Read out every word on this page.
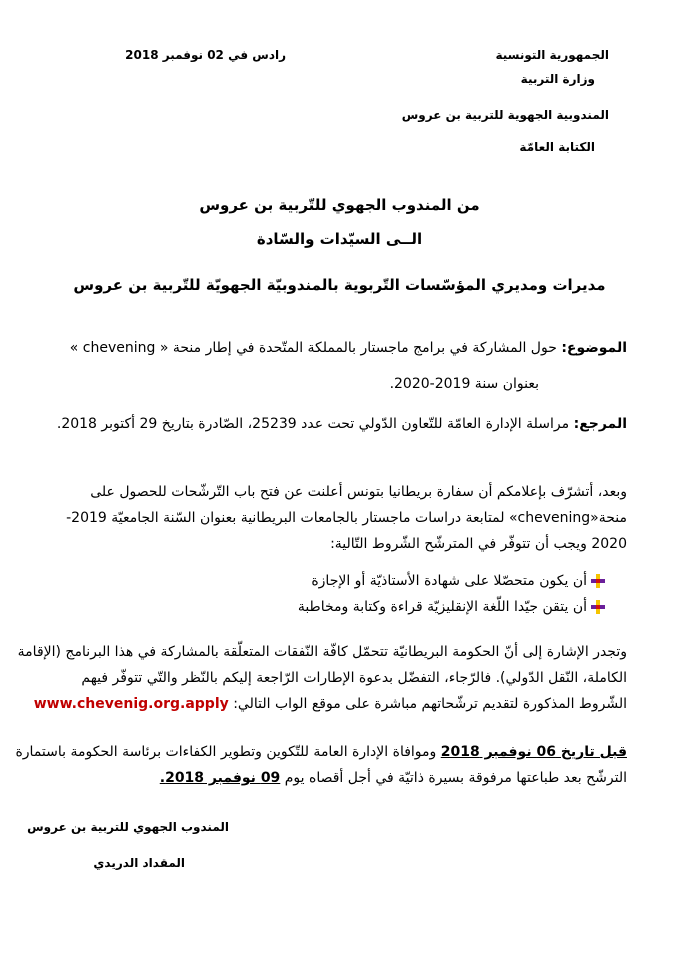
الجمهورية التونسية
وزارة التربية
المندوبية الجهوية للتربية بن عروس
الكتابة العامّة
رادس في 02 نوفمبر 2018
من المندوب الجهوي للتّربية بن عروس
الــى السيّدات والسّادة
مديرات ومديري المؤسّسات التّربوية بالمندوبيّة الجهويّة للتّربية بن عروس
الموضوع: حول المشاركة في برامج ماجستار بالمملكة المتّحدة في إطار منحة « chevening »
بعنوان سنة 2019-2020.
المرجع: مراسلة الإدارة العامّة للتّعاون الدّولي تحت عدد 25239، الصّادرة بتاريخ 29 أكتوبر 2018.
وبعد، أتشرّف بإعلامكم أن سفارة بريطانيا بتونس أعلنت عن فتح باب التّرشّحات للحصول على
منحة«chevening» لمتابعة دراسات ماجستار بالجامعات البريطانية بعنوان السّنة الجامعيّة 2019-
2020 ويجب أن تتوفّر في المترشّح الشّروط التّالية:
أن يكون متحصّلا على شهادة الأستاذيّة أو الإجازة
أن يتقن جيّدا اللّغة الإنقليزيّة قراءة وكتابة ومخاطبة
وتجدر الإشارة إلى أنّ الحكومة البريطانيّة تتحمّل كافّة النّفقات المتعلّقة بالمشاركة في هذا البرنامج (الإقامة
الكاملة، النّقل الدّولي). فالرّجاء، التفضّل بدعوة الإطارات الرّاجعة إليكم بالنّظر والتّي تتوفّر فيهم
الشّروط المذكورة لتقديم ترشّحاتهم مباشرة على موقع الواب التالي: www.chevenig.org.apply
قبل تاريخ 06 نوفمبر 2018 وموافاة الإدارة العامة للتّكوين وتطوير الكفاءات برئاسة الحكومة باستمارة
الترشّح بعد طباعتها مرفوقة بسيرة ذاتيّة في أجل أقصاه يوم 09 نوفمبر 2018.
المندوب الجهوي للتربية بن عروس
المقداد الدريدي
